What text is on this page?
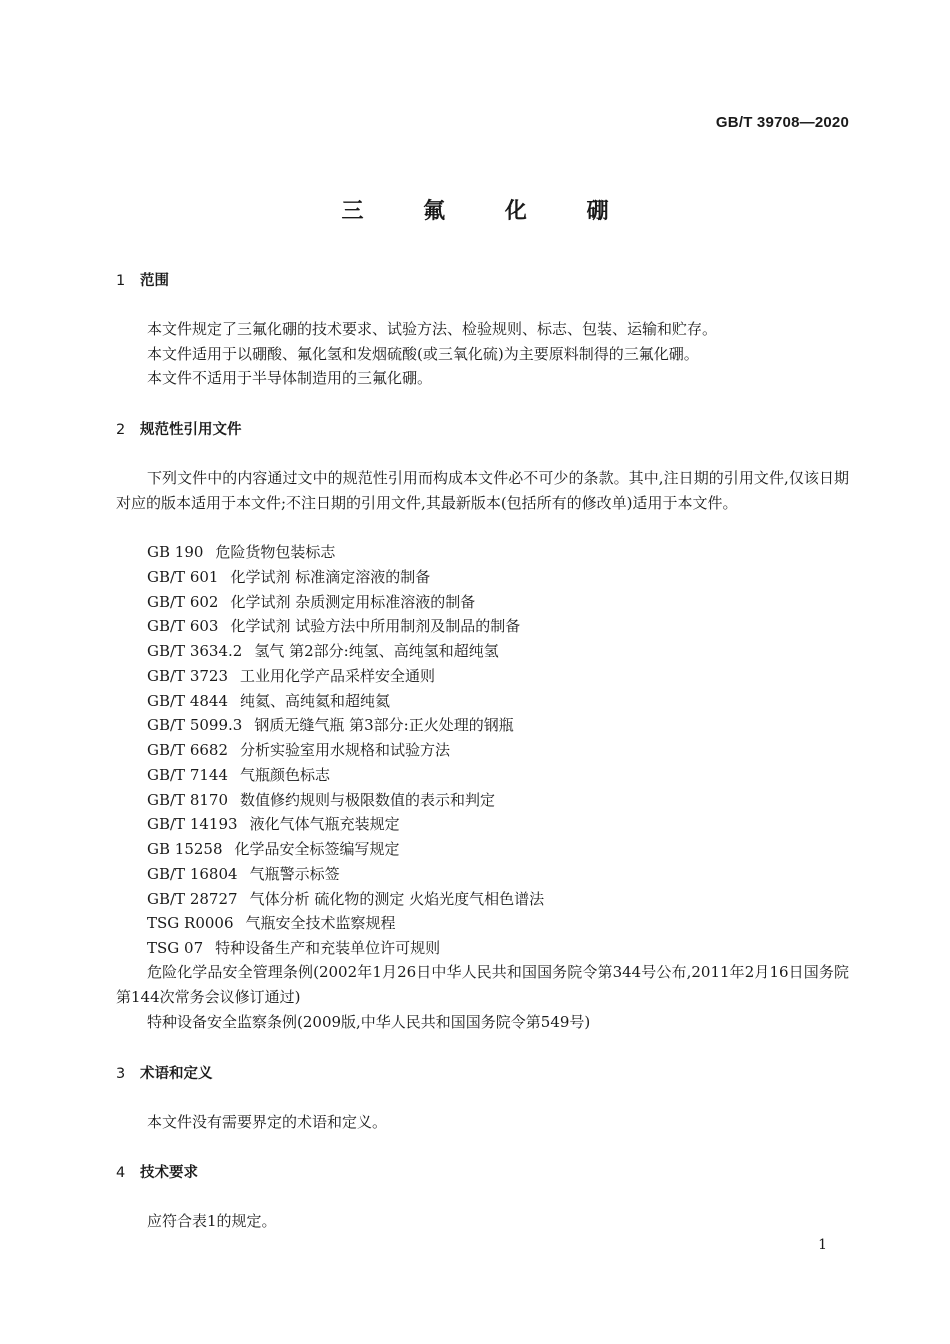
GB/T 39708—2020
三 氟 化 硼
1 范围
本文件规定了三氟化硼的技术要求、试验方法、检验规则、标志、包装、运输和贮存。
本文件适用于以硼酸、氟化氢和发烟硫酸(或三氧化硫)为主要原料制得的三氟化硼。
本文件不适用于半导体制造用的三氟化硼。
2 规范性引用文件
下列文件中的内容通过文中的规范性引用而构成本文件必不可少的条款。其中,注日期的引用文件,仅该日期对应的版本适用于本文件;不注日期的引用文件,其最新版本(包括所有的修改单)适用于本文件。
GB 190 危险货物包装标志
GB/T 601 化学试剂 标准滴定溶液的制备
GB/T 602 化学试剂 杂质测定用标准溶液的制备
GB/T 603 化学试剂 试验方法中所用制剂及制品的制备
GB/T 3634.2 氢气 第2部分:纯氢、高纯氢和超纯氢
GB/T 3723 工业用化学产品采样安全通则
GB/T 4844 纯氦、高纯氦和超纯氦
GB/T 5099.3 钢质无缝气瓶 第3部分:正火处理的钢瓶
GB/T 6682 分析实验室用水规格和试验方法
GB/T 7144 气瓶颜色标志
GB/T 8170 数值修约规则与极限数值的表示和判定
GB/T 14193 液化气体气瓶充装规定
GB 15258 化学品安全标签编写规定
GB/T 16804 气瓶警示标签
GB/T 28727 气体分析 硫化物的测定 火焰光度气相色谱法
TSG R0006 气瓶安全技术监察规程
TSG 07 特种设备生产和充装单位许可规则
危险化学品安全管理条例(2002年1月26日中华人民共和国国务院令第344号公布,2011年2月16日国务院第144次常务会议修订通过)
特种设备安全监察条例(2009版,中华人民共和国国务院令第549号)
3 术语和定义
本文件没有需要界定的术语和定义。
4 技术要求
应符合表1的规定。
1
